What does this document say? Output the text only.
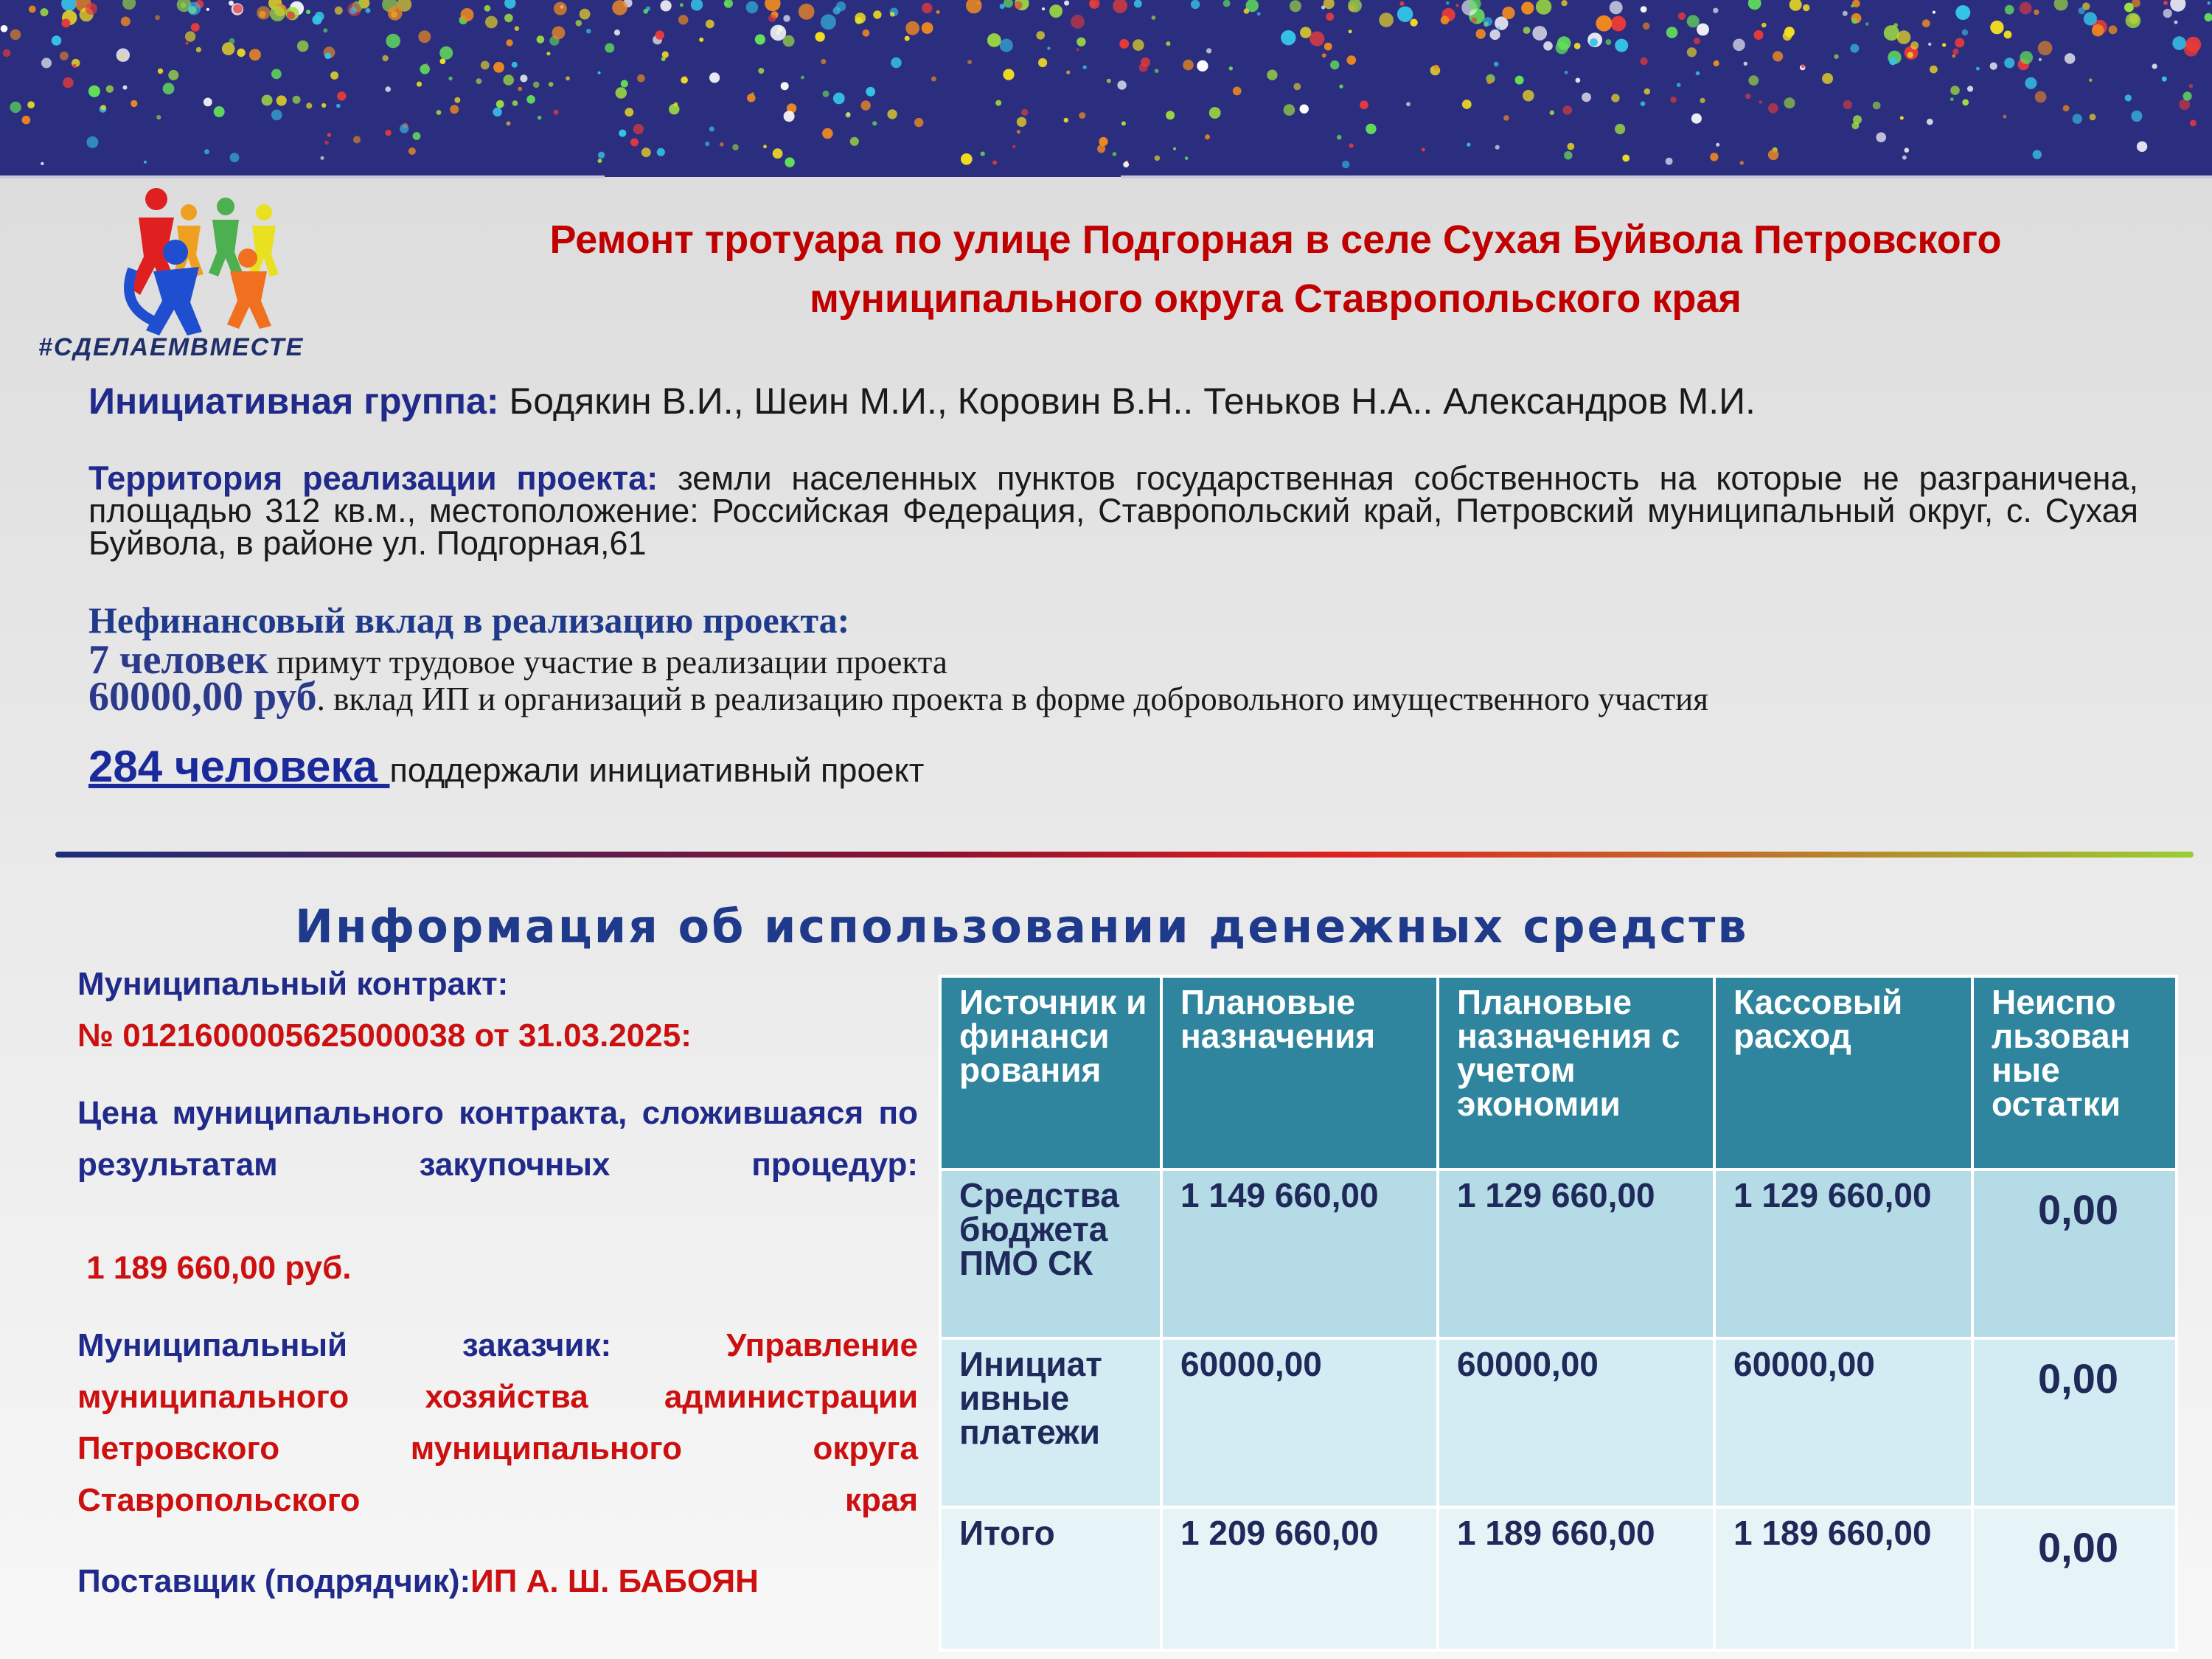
#СДЕЛАЕМВМЕСТЕ
Ремонт тротуара по улице Подгорная в селе Сухая Буйвола Петровского муниципального округа Ставропольского края
Инициативная группа: Бодякин В.И., Шеин М.И., Коровин В.Н.. Теньков Н.А.. Александров М.И.
Территория реализации проекта: земли населенных пунктов государственная собственность на которые не разграничена, площадью 312 кв.м., местоположение: Российская Федерация, Ставропольский край, Петровский муниципальный округ, с. Сухая Буйвола, в районе ул. Подгорная,61
Нефинансовый вклад в реализацию проекта:
7 человек примут трудовое участие в реализации проекта
60000,00 руб. вклад ИП и организаций в реализацию проекта в форме добровольного имущественного участия
284 человека поддержали инициативный проект
Информация об использовании денежных средств
Муниципальный контракт:
№ 0121600005625000038 от 31.03.2025:
Цена муниципального контракта, сложившаяся по результатам закупочных процедур:
1 189 660,00 руб.
Муниципальный заказчик: Управление муниципального хозяйства администрации Петровского муниципального округа Ставропольского края
Поставщик (подрядчик):ИП А. Ш. БАБОЯН
Источник и финанси рования	Плановые назначения	Плановые назначения с учетом экономии	Кассовый расход	Неиспо льзован ные остатки
Средства бюджета ПМО СК	1 149 660,00	1 129 660,00	1 129 660,00	0,00
Инициат ивные платежи	60000,00	60000,00	60000,00	0,00
Итого	1 209 660,00	1 189 660,00	1 189 660,00	0,00
